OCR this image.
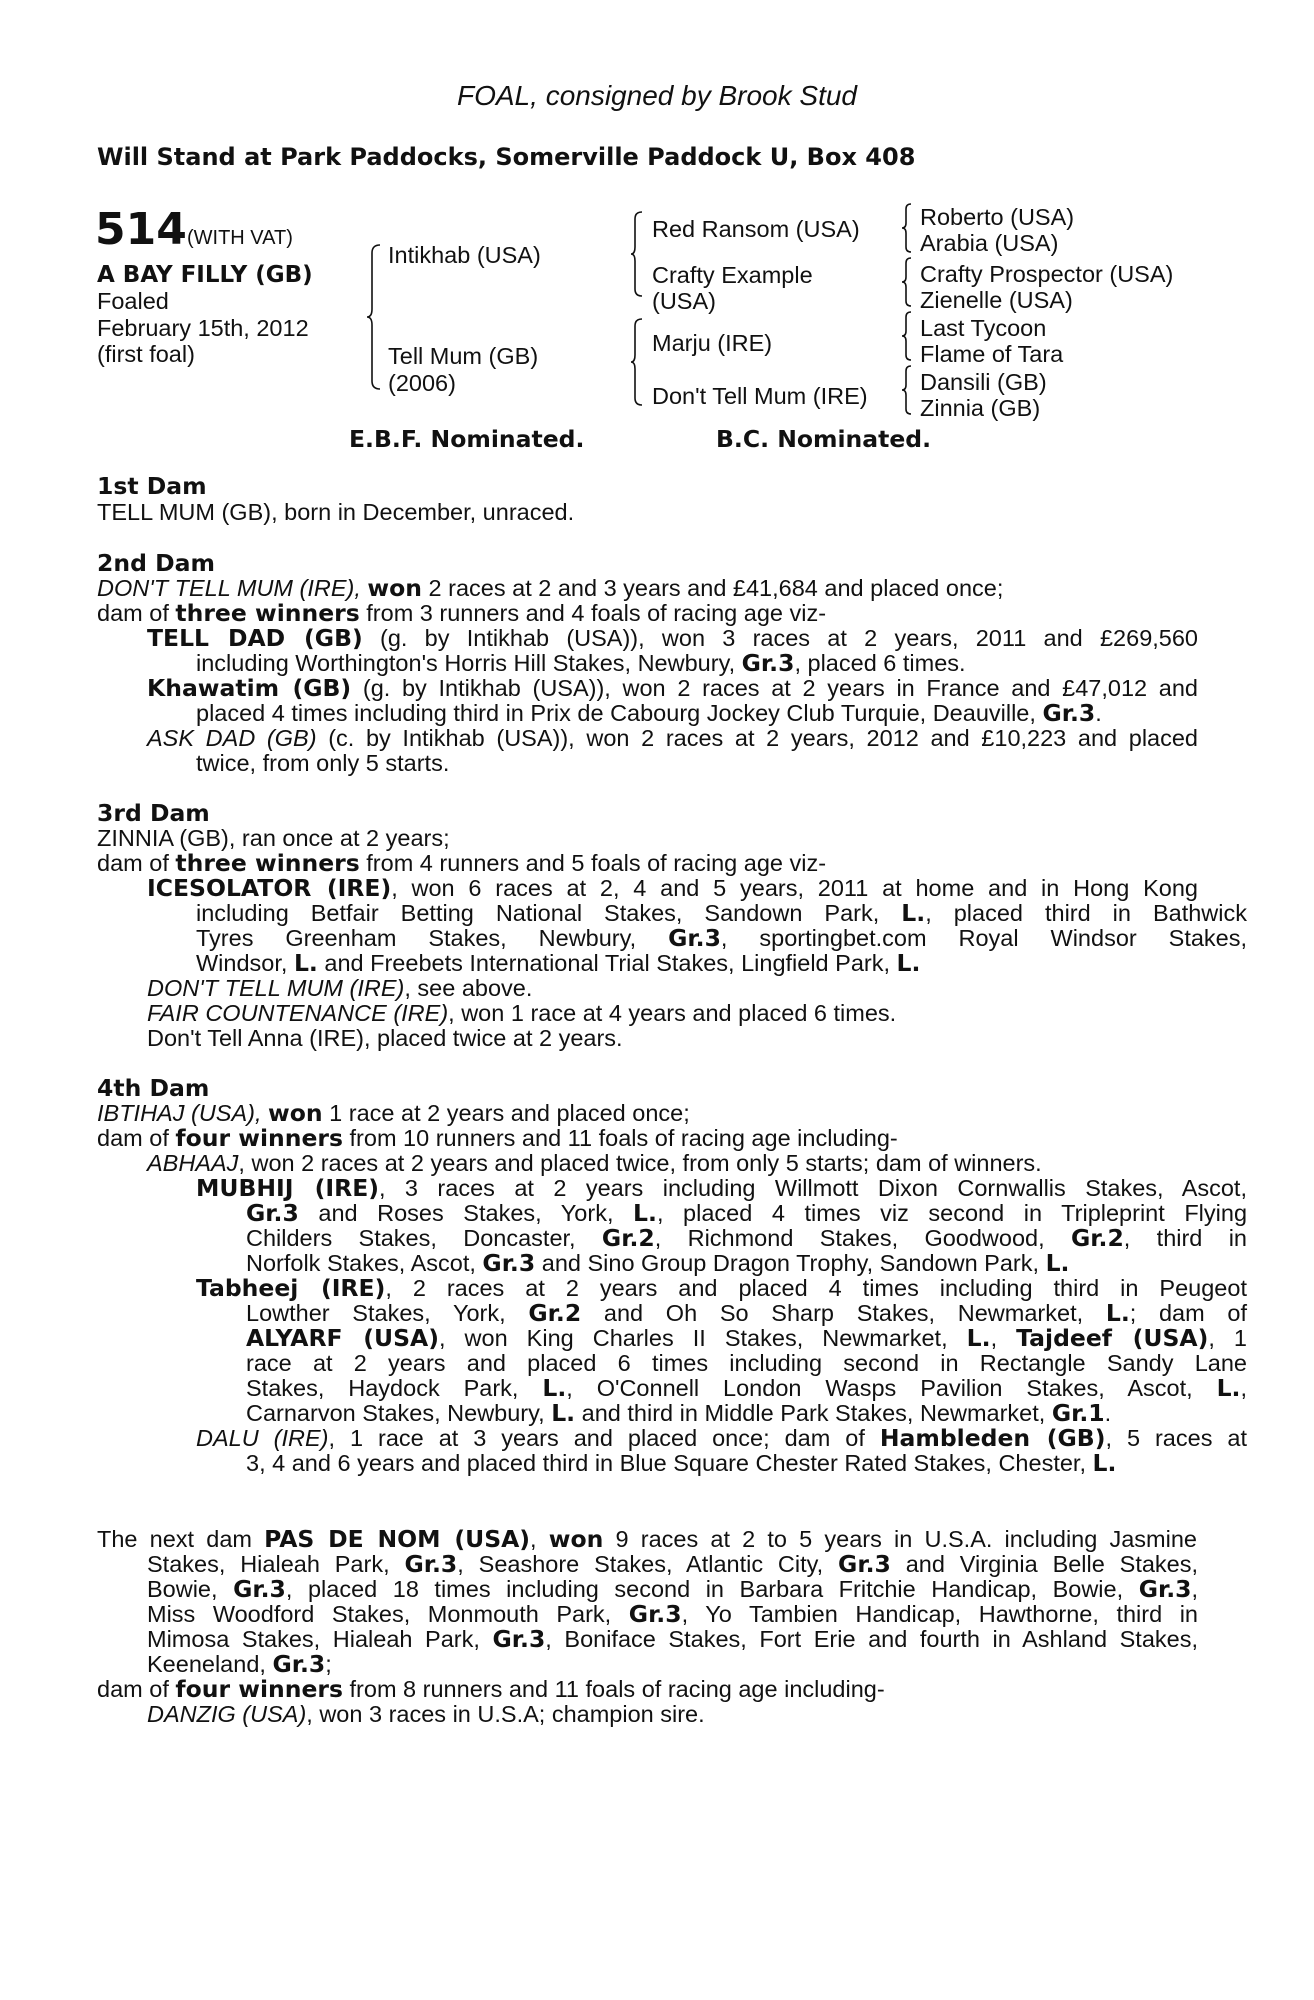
FOAL, consigned by Brook Stud
Will Stand at Park Paddocks, Somerville Paddock U, Box 408
514 (WITH VAT)
A BAY FILLY (GB)
Foaled
February 15th, 2012
(first foal)
Intikhab (USA)
Tell Mum (GB)
(2006)
Red Ransom (USA)
Crafty Example
(USA)
Marju (IRE)
Don't Tell Mum (IRE)
Roberto (USA)
Arabia (USA)
Crafty Prospector (USA)
Zienelle (USA)
Last Tycoon
Flame of Tara
Dansili (GB)
Zinnia (GB)
E.B.F. Nominated.	B.C. Nominated.
1st Dam
TELL MUM (GB), born in December, unraced.
2nd Dam
DON'T TELL MUM (IRE), won 2 races at 2 and 3 years and £41,684 and placed once;
dam of three winners from 3 runners and 4 foals of racing age viz-
TELL DAD (GB) (g. by Intikhab (USA)), won 3 races at 2 years, 2011 and £269,560
including Worthington's Horris Hill Stakes, Newbury, Gr.3, placed 6 times.
Khawatim (GB) (g. by Intikhab (USA)), won 2 races at 2 years in France and £47,012 and
placed 4 times including third in Prix de Cabourg Jockey Club Turquie, Deauville, Gr.3.
ASK DAD (GB) (c. by Intikhab (USA)), won 2 races at 2 years, 2012 and £10,223 and placed
twice, from only 5 starts.
3rd Dam
ZINNIA (GB), ran once at 2 years;
dam of three winners from 4 runners and 5 foals of racing age viz-
ICESOLATOR (IRE), won 6 races at 2, 4 and 5 years, 2011 at home and in Hong Kong
including Betfair Betting National Stakes, Sandown Park, L., placed third in Bathwick
Tyres Greenham Stakes, Newbury, Gr.3, sportingbet.com Royal Windsor Stakes,
Windsor, L. and Freebets International Trial Stakes, Lingfield Park, L.
DON'T TELL MUM (IRE), see above.
FAIR COUNTENANCE (IRE), won 1 race at 4 years and placed 6 times.
Don't Tell Anna (IRE), placed twice at 2 years.
4th Dam
IBTIHAJ (USA), won 1 race at 2 years and placed once;
dam of four winners from 10 runners and 11 foals of racing age including-
ABHAAJ, won 2 races at 2 years and placed twice, from only 5 starts; dam of winners.
MUBHIJ (IRE), 3 races at 2 years including Willmott Dixon Cornwallis Stakes, Ascot,
Gr.3 and Roses Stakes, York, L., placed 4 times viz second in Tripleprint Flying
Childers Stakes, Doncaster, Gr.2, Richmond Stakes, Goodwood, Gr.2, third in
Norfolk Stakes, Ascot, Gr.3 and Sino Group Dragon Trophy, Sandown Park, L.
Tabheej (IRE), 2 races at 2 years and placed 4 times including third in Peugeot
Lowther Stakes, York, Gr.2 and Oh So Sharp Stakes, Newmarket, L.; dam of
ALYARF (USA), won King Charles II Stakes, Newmarket, L., Tajdeef (USA), 1
race at 2 years and placed 6 times including second in Rectangle Sandy Lane
Stakes, Haydock Park, L., O'Connell London Wasps Pavilion Stakes, Ascot, L.,
Carnarvon Stakes, Newbury, L. and third in Middle Park Stakes, Newmarket, Gr.1.
DALU (IRE), 1 race at 3 years and placed once; dam of Hambleden (GB), 5 races at
3, 4 and 6 years and placed third in Blue Square Chester Rated Stakes, Chester, L.
The next dam PAS DE NOM (USA), won 9 races at 2 to 5 years in U.S.A. including Jasmine
Stakes, Hialeah Park, Gr.3, Seashore Stakes, Atlantic City, Gr.3 and Virginia Belle Stakes,
Bowie, Gr.3, placed 18 times including second in Barbara Fritchie Handicap, Bowie, Gr.3,
Miss Woodford Stakes, Monmouth Park, Gr.3, Yo Tambien Handicap, Hawthorne, third in
Mimosa Stakes, Hialeah Park, Gr.3, Boniface Stakes, Fort Erie and fourth in Ashland Stakes,
Keeneland, Gr.3;
dam of four winners from 8 runners and 11 foals of racing age including-
DANZIG (USA), won 3 races in U.S.A; champion sire.
